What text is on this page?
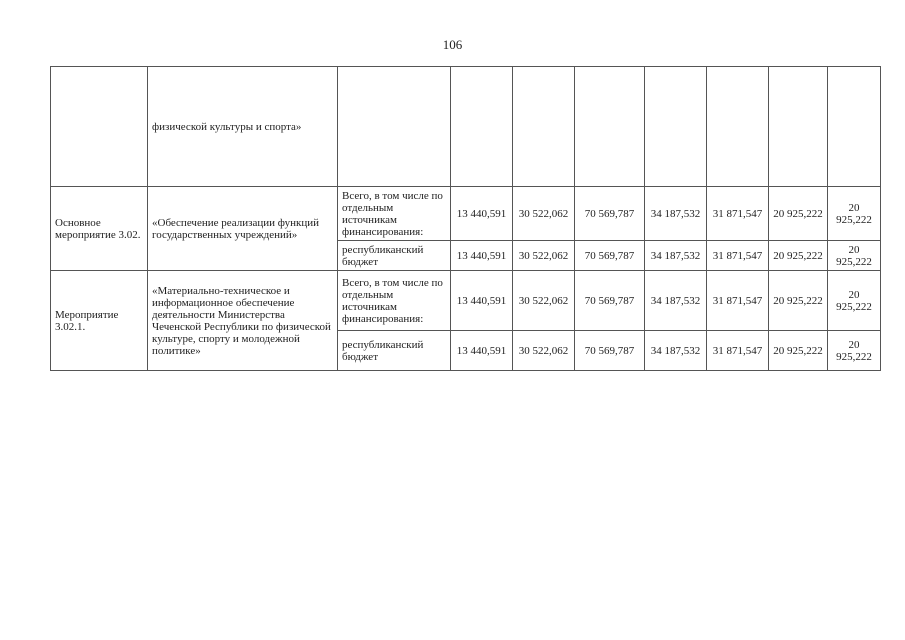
106
	физической культуры и спорта»								
Основное мероприятие 3.02.	«Обеспечение реализации функций государственных учреждений»	Всего, в том числе по отдельным источникам финансирования:	13 440,591	30 522,062	70 569,787	34 187,532	31 871,547	20 925,222	20 925,222
		республиканский бюджет	13 440,591	30 522,062	70 569,787	34 187,532	31 871,547	20 925,222	20 925,222
Мероприятие 3.02.1.	«Материально-техническое и информационное обеспечение деятельности Министерства Чеченской Республики по физической культуре, спорту и молодежной политике»	Всего, в том числе по отдельным источникам финансирования:	13 440,591	30 522,062	70 569,787	34 187,532	31 871,547	20 925,222	20 925,222
		республиканский бюджет	13 440,591	30 522,062	70 569,787	34 187,532	31 871,547	20 925,222	20 925,222
